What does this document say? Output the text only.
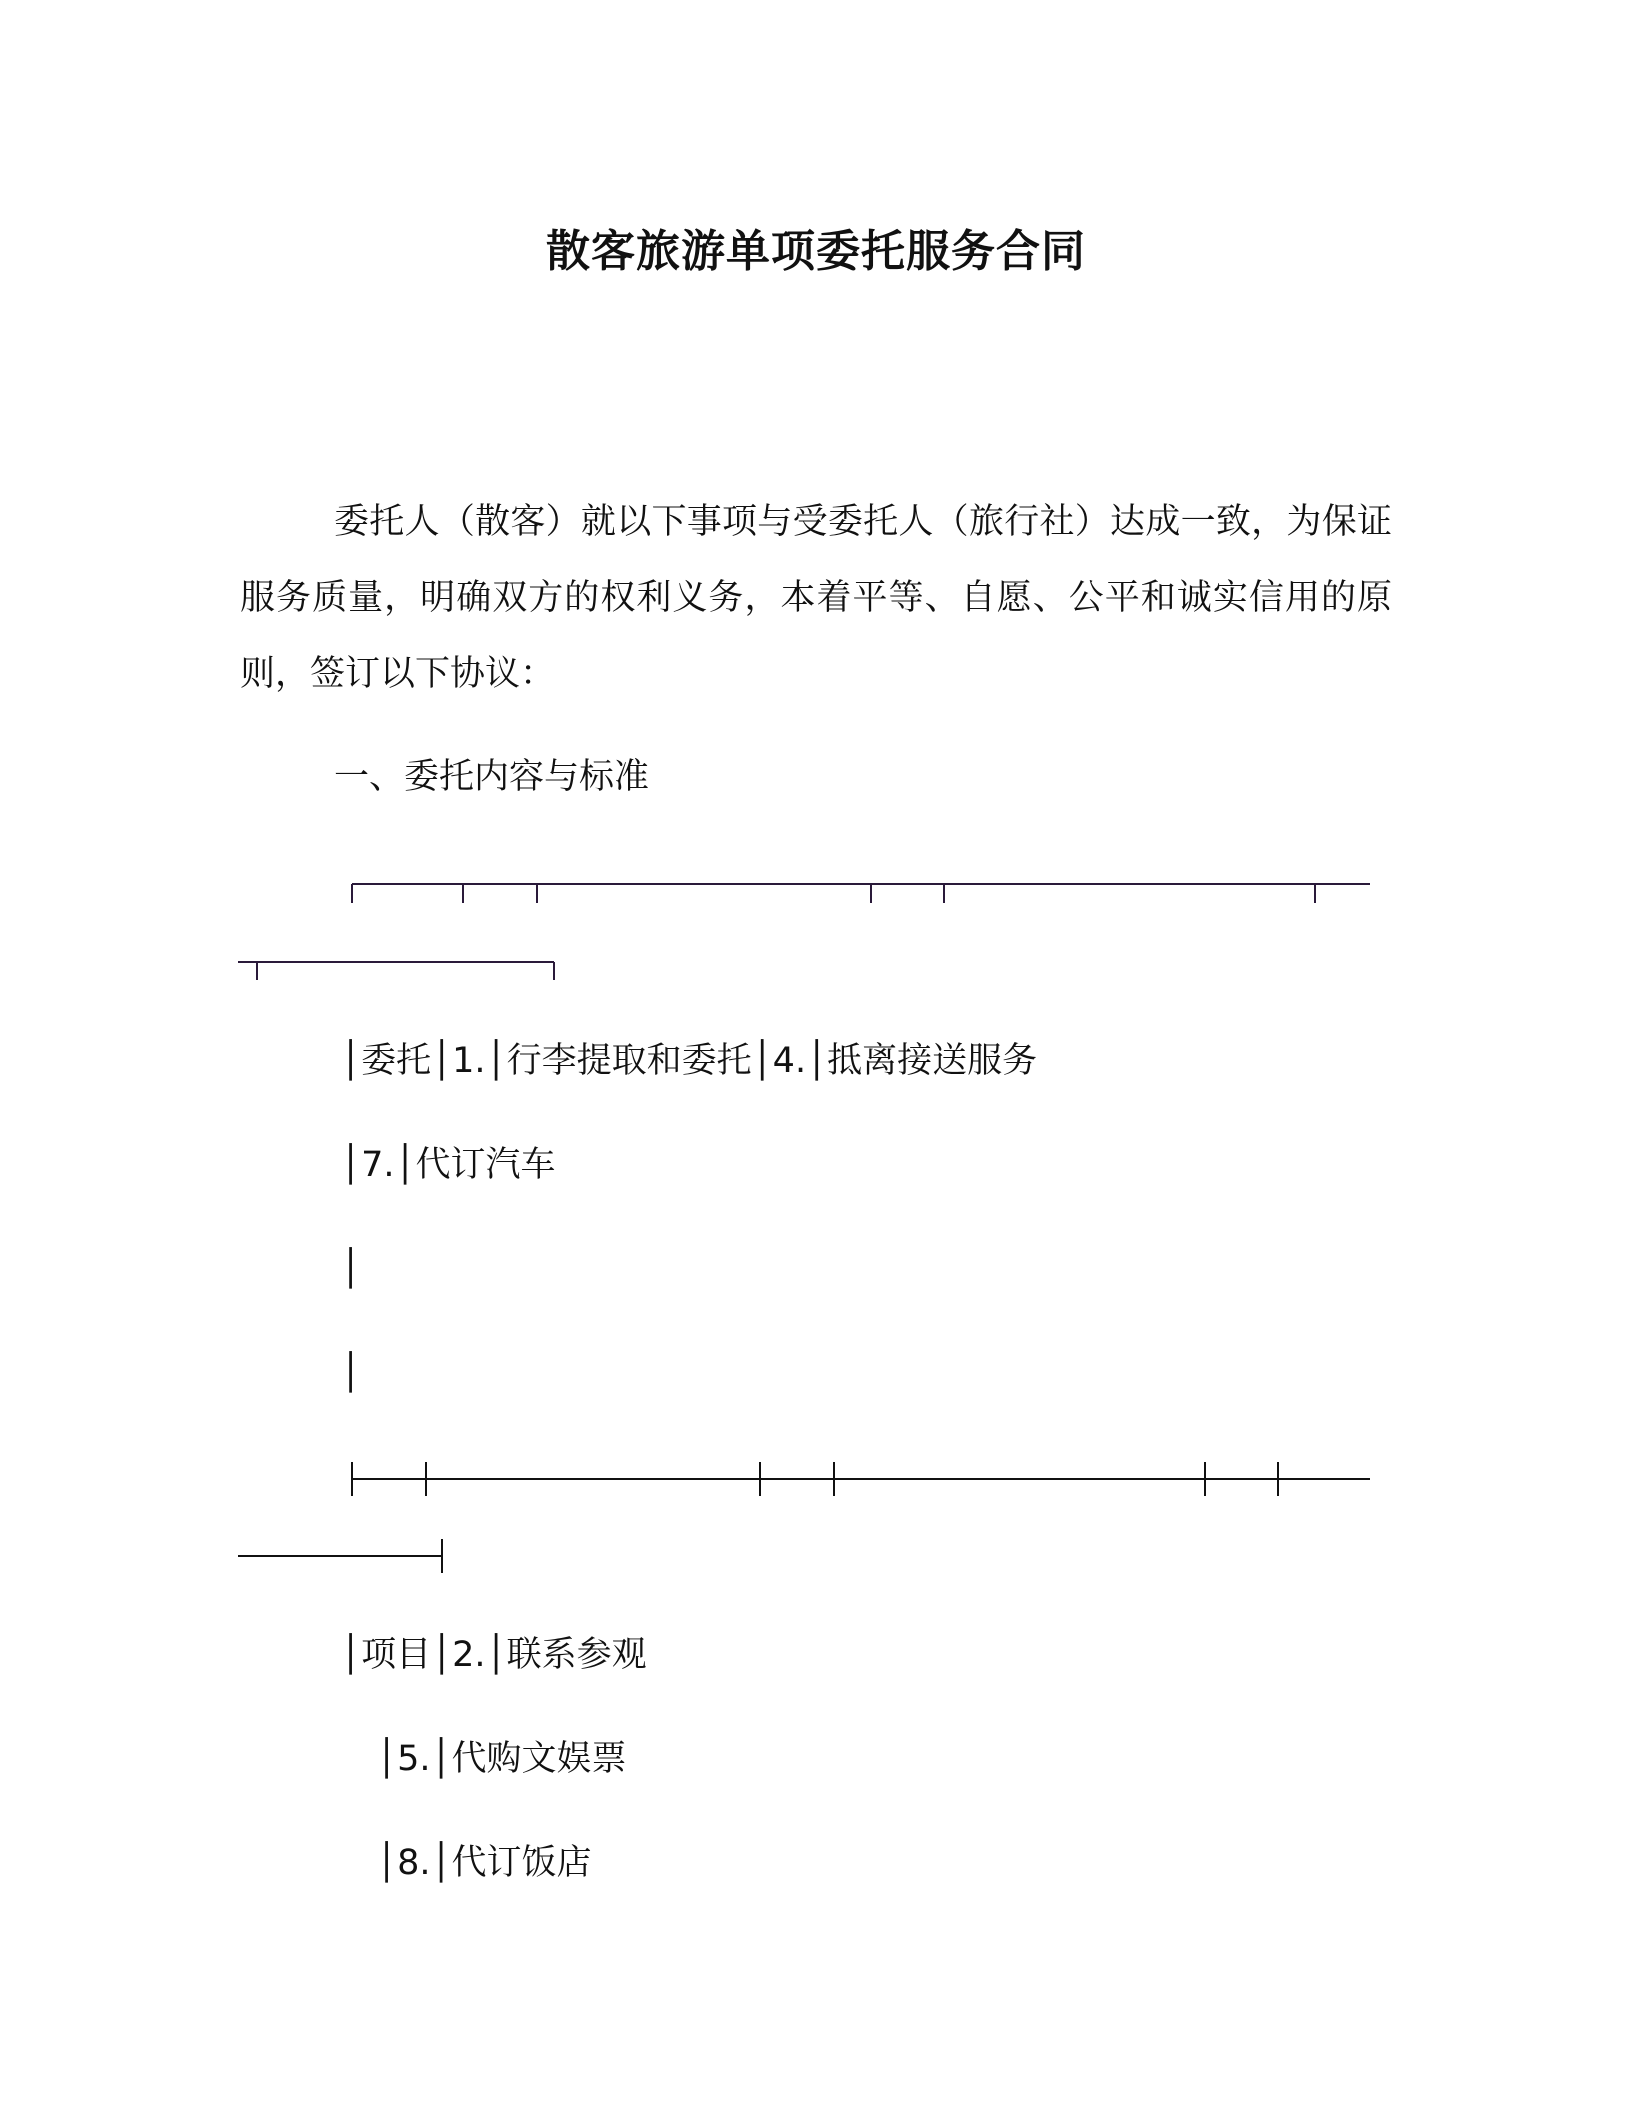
散客旅游单项委托服务合同
委托人（散客）就以下事项与受委托人（旅行社）达成一致，为保证服务质量，明确双方的权利义务，本着平等、自愿、公平和诚实信用的原则，签订以下协议：
一、委托内容与标准
│委托│1.│行李提取和委托│4.│抵离接送服务
│7.│代订汽车
│
│
│项目│2.│联系参观
│5.│代购文娱票
│8.│代订饭店
